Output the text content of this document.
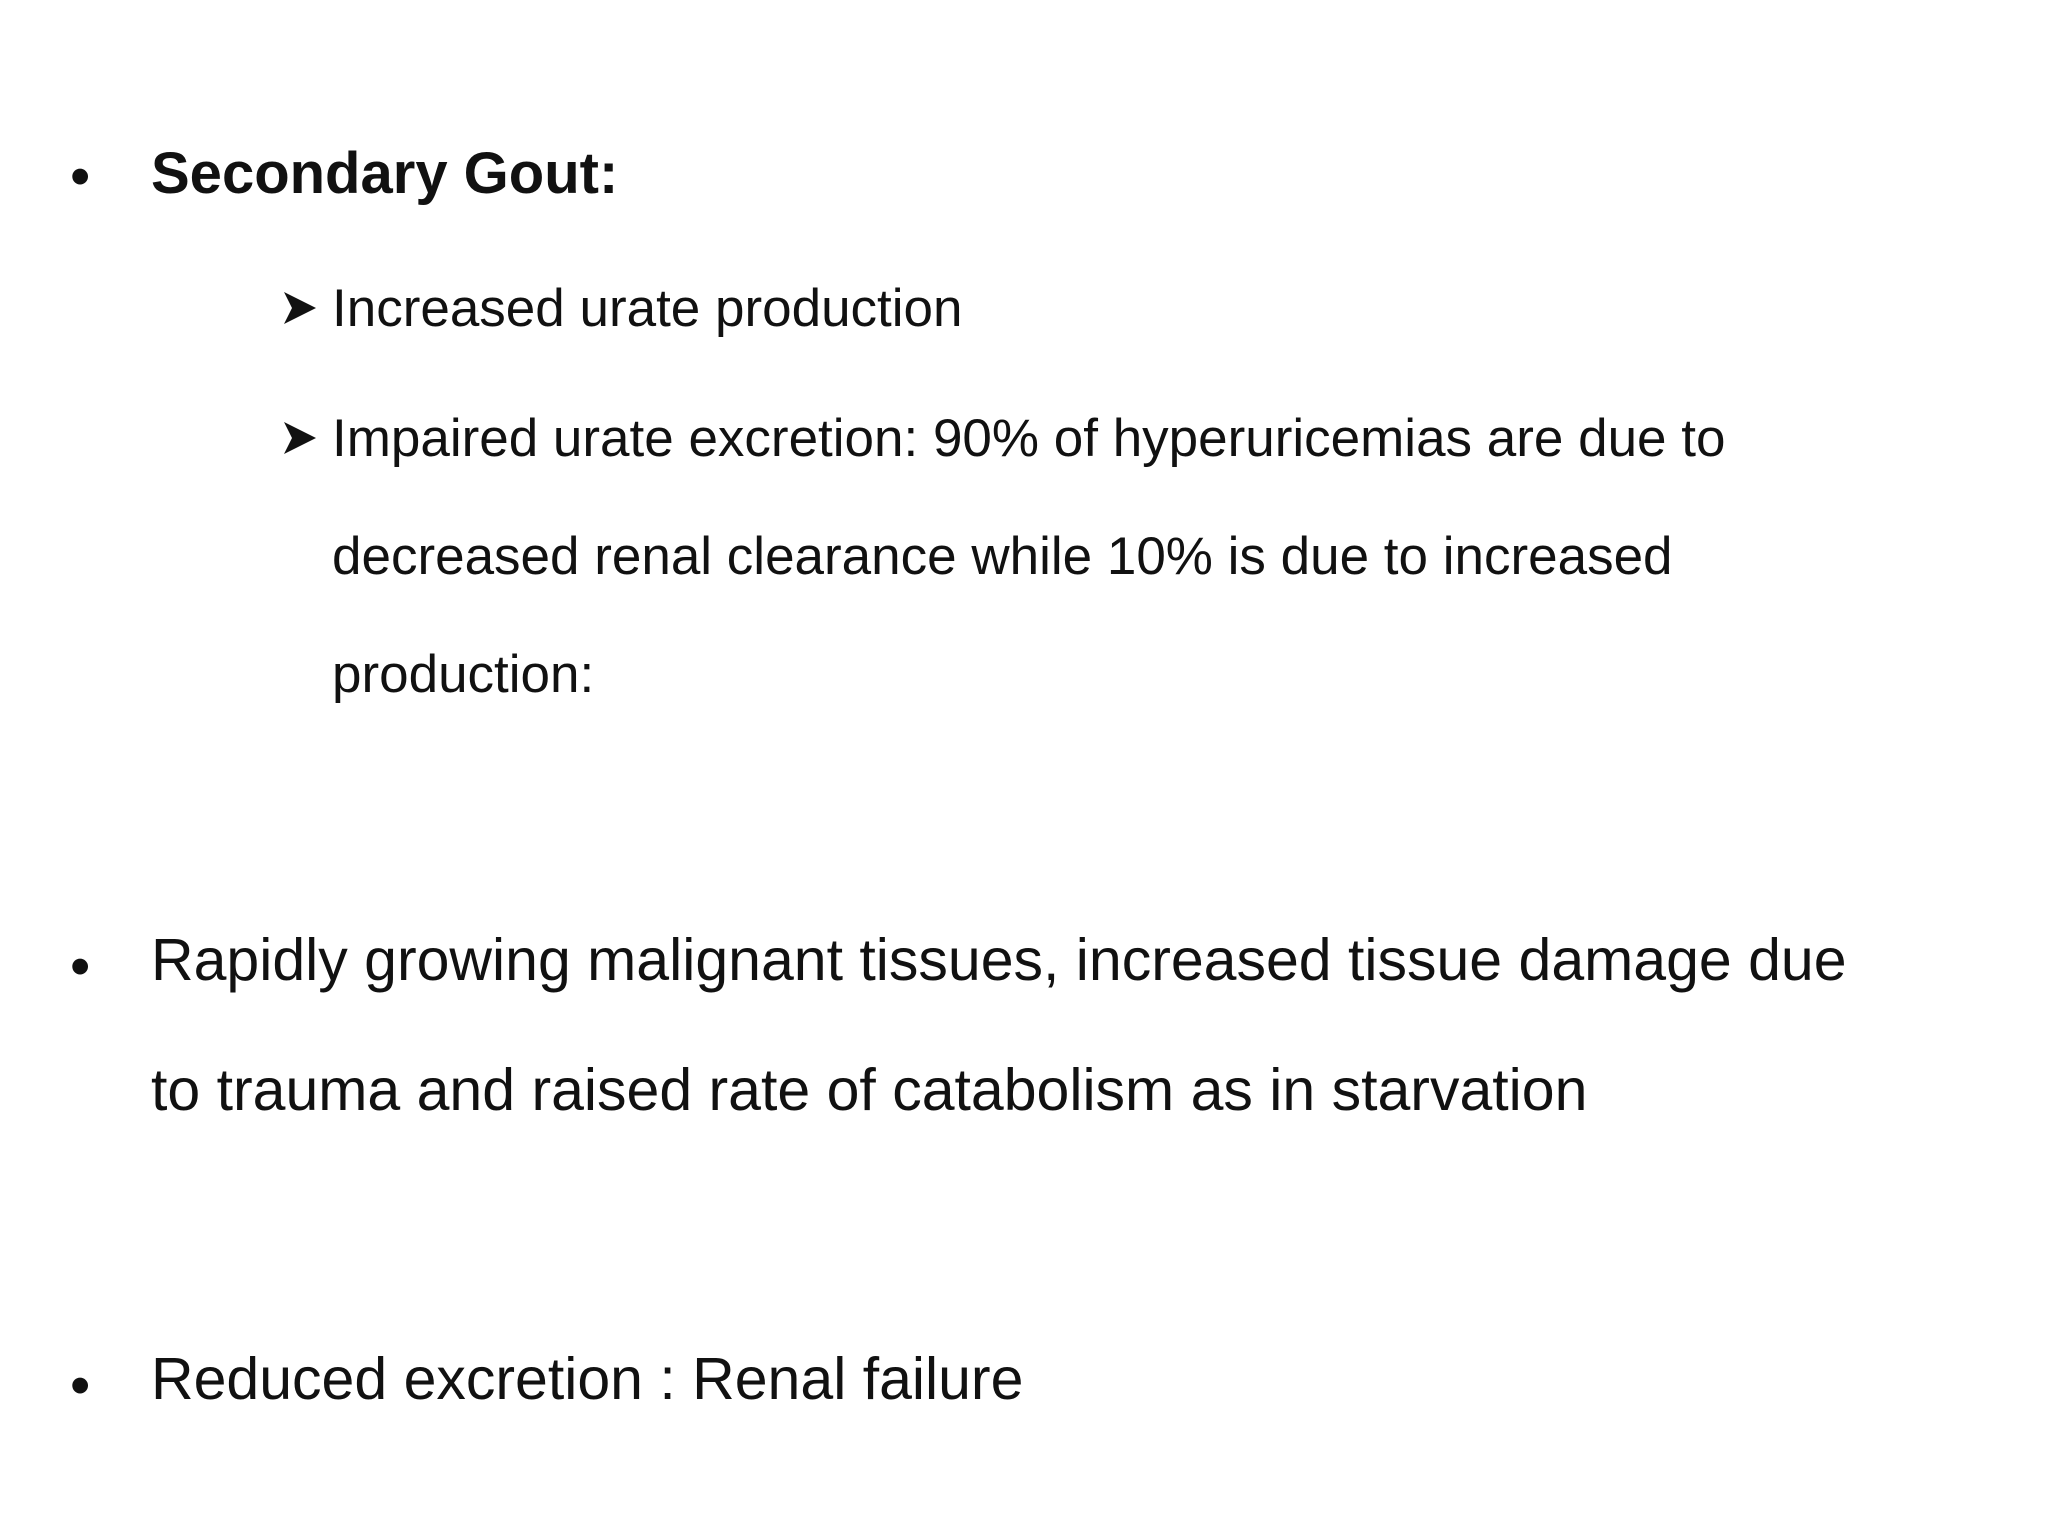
• Secondary Gout:
Increased urate production
Impaired urate excretion: 90% of hyperuricemias are due to
decreased renal clearance while 10% is due to increased
production:
• Rapidly growing malignant tissues, increased tissue damage due
to trauma and raised rate of catabolism as in starvation
• Reduced excretion : Renal failure
